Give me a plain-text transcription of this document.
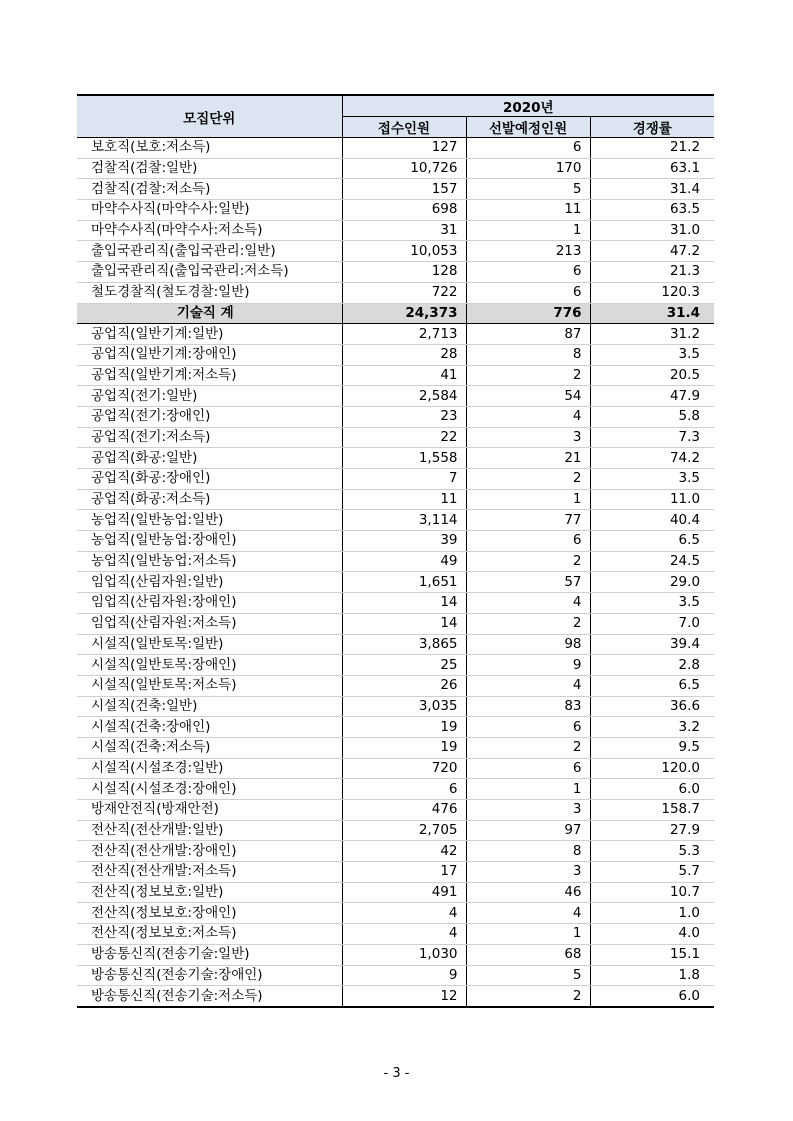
모집단위	2020년		
	접수인원	선발예정인원	경쟁률
보호직(보호:저소득)	127	6	21.2
검찰직(검찰:일반)	10,726	170	63.1
검찰직(검찰:저소득)	157	5	31.4
마약수사직(마약수사:일반)	698	11	63.5
마약수사직(마약수사:저소득)	31	1	31.0
출입국관리직(출입국관리:일반)	10,053	213	47.2
출입국관리직(출입국관리:저소득)	128	6	21.3
철도경찰직(철도경찰:일반)	722	6	120.3
기술직 계	24,373	776	31.4
공업직(일반기계:일반)	2,713	87	31.2
공업직(일반기계:장애인)	28	8	3.5
공업직(일반기계:저소득)	41	2	20.5
공업직(전기:일반)	2,584	54	47.9
공업직(전기:장애인)	23	4	5.8
공업직(전기:저소득)	22	3	7.3
공업직(화공:일반)	1,558	21	74.2
공업직(화공:장애인)	7	2	3.5
공업직(화공:저소득)	11	1	11.0
농업직(일반농업:일반)	3,114	77	40.4
농업직(일반농업:장애인)	39	6	6.5
농업직(일반농업:저소득)	49	2	24.5
임업직(산림자원:일반)	1,651	57	29.0
임업직(산림자원:장애인)	14	4	3.5
임업직(산림자원:저소득)	14	2	7.0
시설직(일반토목:일반)	3,865	98	39.4
시설직(일반토목:장애인)	25	9	2.8
시설직(일반토목:저소득)	26	4	6.5
시설직(건축:일반)	3,035	83	36.6
시설직(건축:장애인)	19	6	3.2
시설직(건축:저소득)	19	2	9.5
시설직(시설조경:일반)	720	6	120.0
시설직(시설조경:장애인)	6	1	6.0
방재안전직(방재안전)	476	3	158.7
전산직(전산개발:일반)	2,705	97	27.9
전산직(전산개발:장애인)	42	8	5.3
전산직(전산개발:저소득)	17	3	5.7
전산직(정보보호:일반)	491	46	10.7
전산직(정보보호:장애인)	4	4	1.0
전산직(정보보호:저소득)	4	1	4.0
방송통신직(전송기술:일반)	1,030	68	15.1
방송통신직(전송기술:장애인)	9	5	1.8
방송통신직(전송기술:저소득)	12	2	6.0
- 3 -
